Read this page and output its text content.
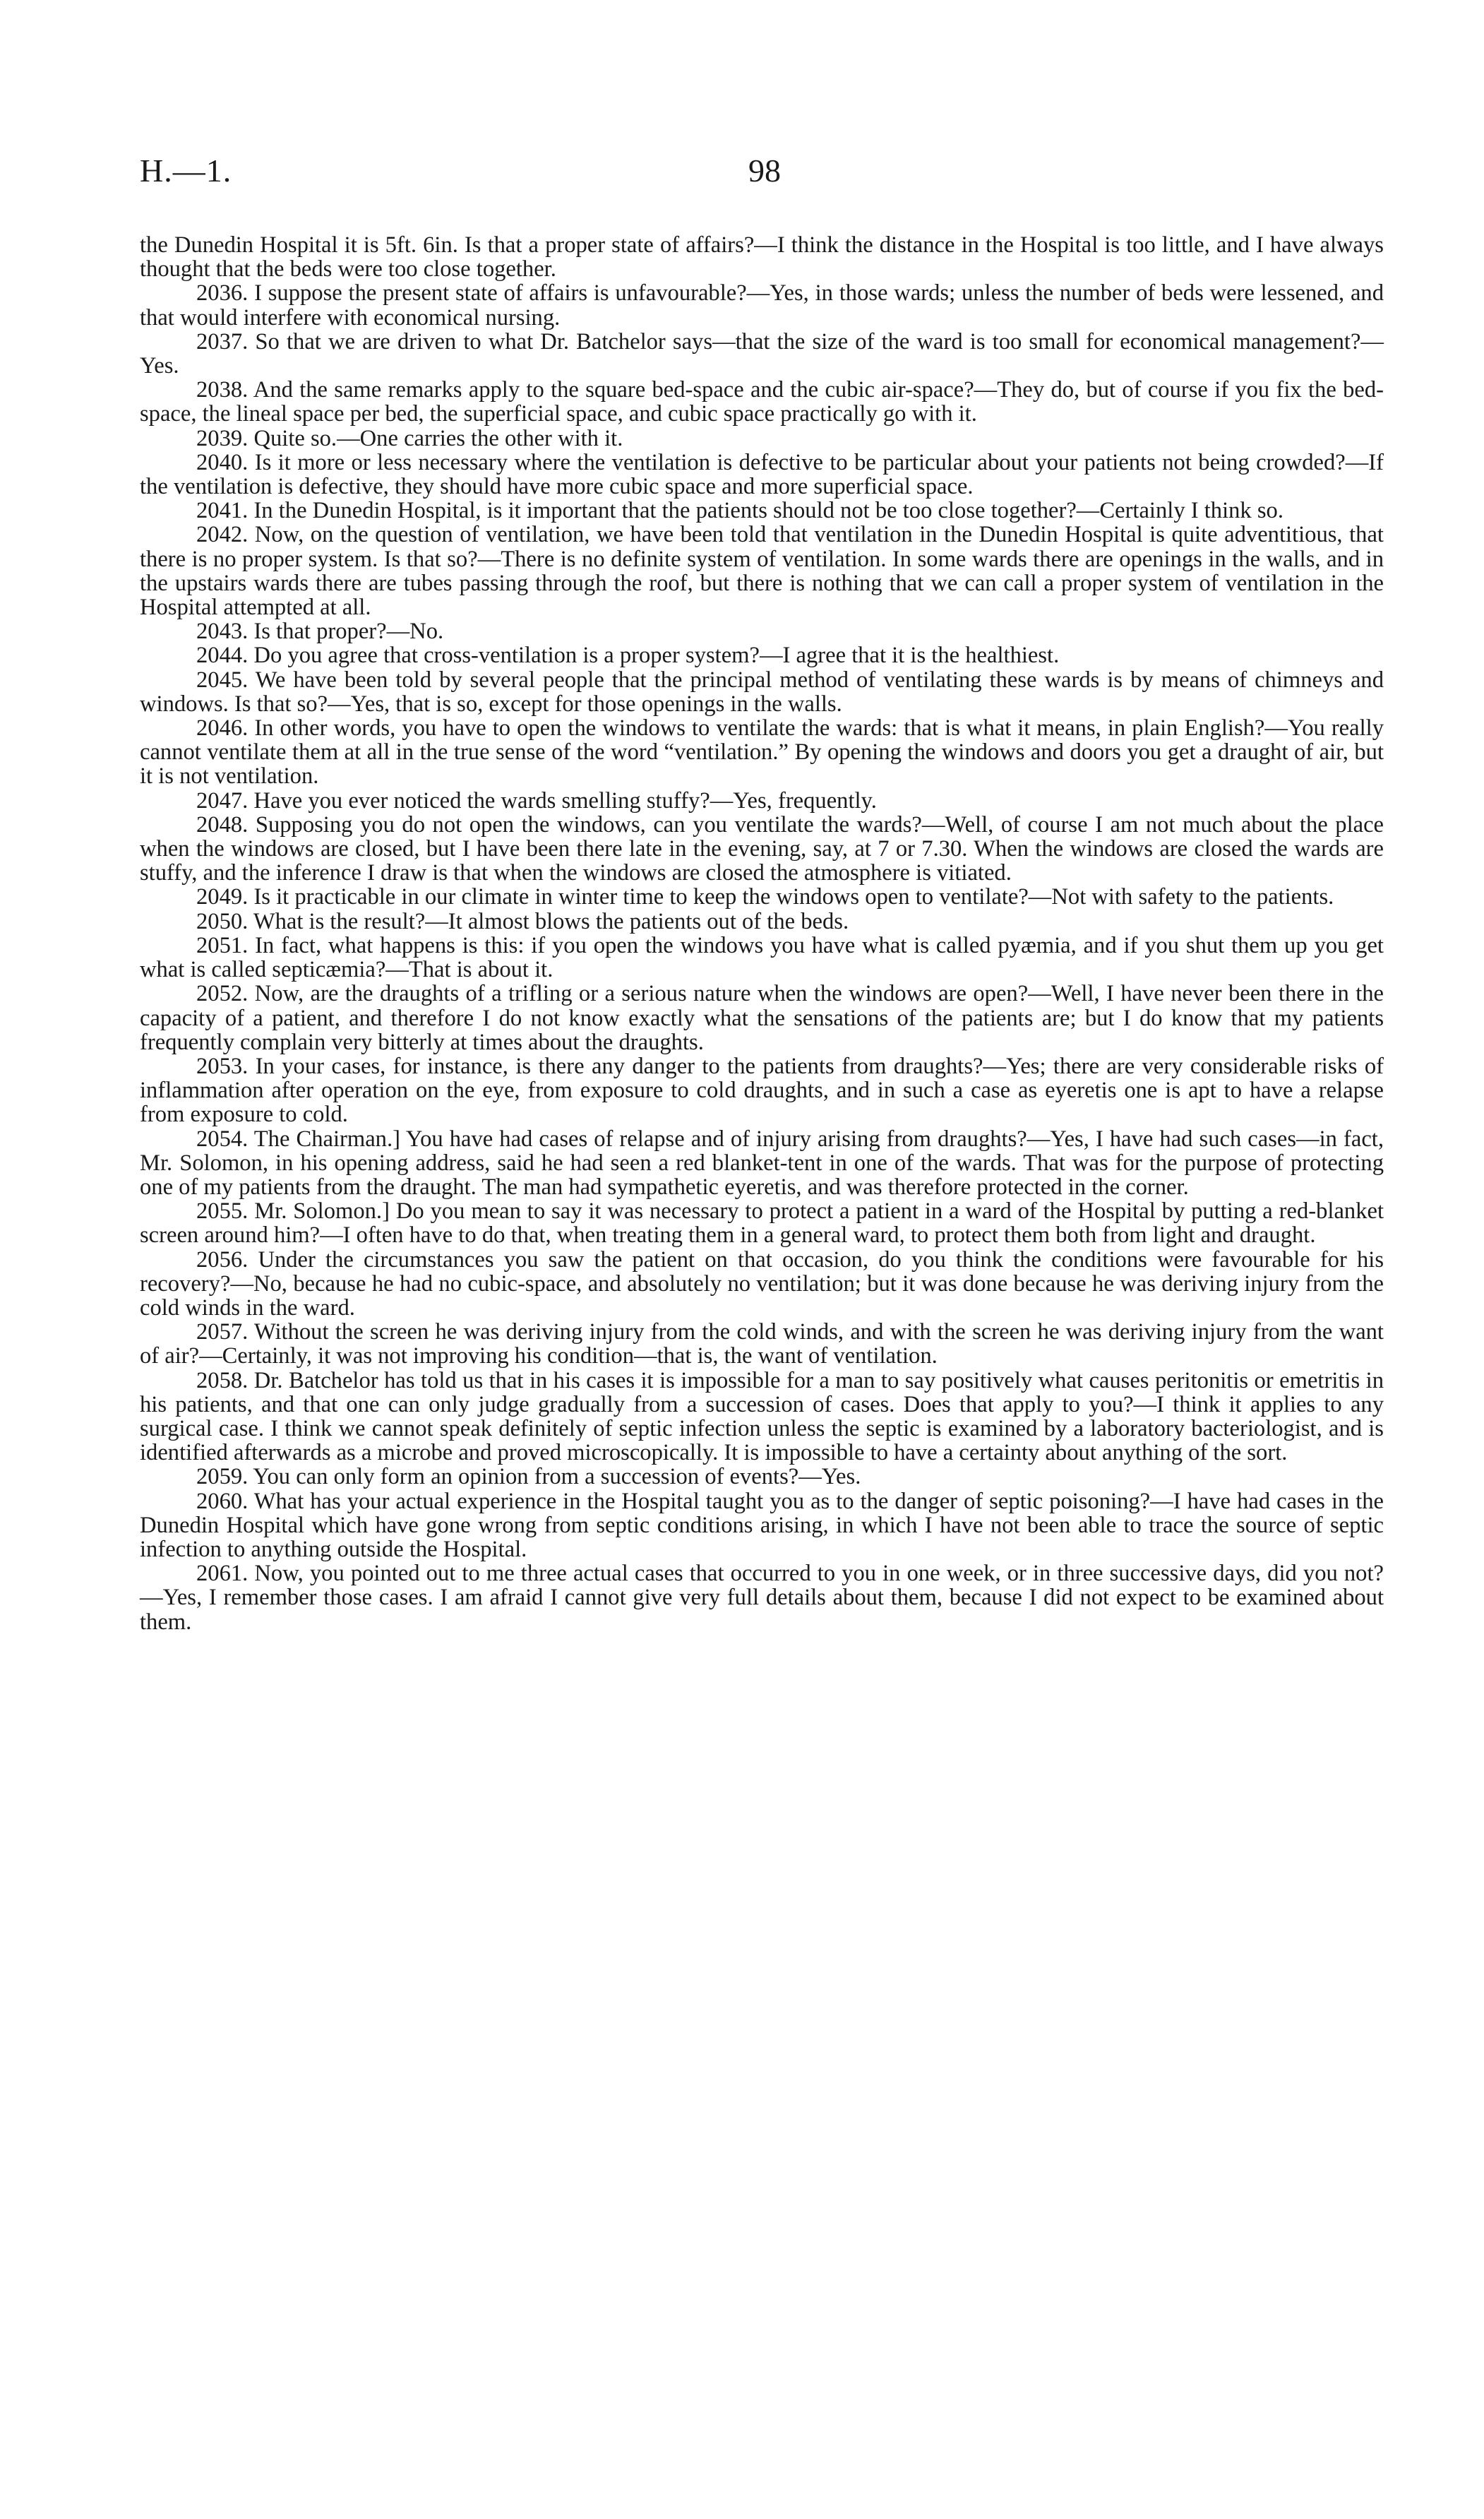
H.—1.	98

the Dunedin Hospital it is 5ft. 6in. Is that a proper state of affairs?—I think the distance in the Hospital is too little, and I have always thought that the beds were too close together.

2036. I suppose the present state of affairs is unfavourable?—Yes, in those wards; unless the number of beds were lessened, and that would interfere with economical nursing.

2037. So that we are driven to what Dr. Batchelor says—that the size of the ward is too small for economical management?—Yes.

2038. And the same remarks apply to the square bed-space and the cubic air-space?—They do, but of course if you fix the bed-space, the lineal space per bed, the superficial space, and cubic space practically go with it.

2039. Quite so.—One carries the other with it.

2040. Is it more or less necessary where the ventilation is defective to be particular about your patients not being crowded?—If the ventilation is defective, they should have more cubic space and more superficial space.

2041. In the Dunedin Hospital, is it important that the patients should not be too close together?—Certainly I think so.

2042. Now, on the question of ventilation, we have been told that ventilation in the Dunedin Hospital is quite adventitious, that there is no proper system. Is that so?—There is no definite system of ventilation. In some wards there are openings in the walls, and in the upstairs wards there are tubes passing through the roof, but there is nothing that we can call a proper system of ventilation in the Hospital attempted at all.

2043. Is that proper?—No.

2044. Do you agree that cross-ventilation is a proper system?—I agree that it is the healthiest.

2045. We have been told by several people that the principal method of ventilating these wards is by means of chimneys and windows. Is that so?—Yes, that is so, except for those openings in the walls.

2046. In other words, you have to open the windows to ventilate the wards: that is what it means, in plain English?—You really cannot ventilate them at all in the true sense of the word “ventilation.” By opening the windows and doors you get a draught of air, but it is not ventilation.

2047. Have you ever noticed the wards smelling stuffy?—Yes, frequently.

2048. Supposing you do not open the windows, can you ventilate the wards?—Well, of course I am not much about the place when the windows are closed, but I have been there late in the evening, say, at 7 or 7.30. When the windows are closed the wards are stuffy, and the inference I draw is that when the windows are closed the atmosphere is vitiated.

2049. Is it practicable in our climate in winter time to keep the windows open to ventilate?—Not with safety to the patients.

2050. What is the result?—It almost blows the patients out of the beds.

2051. In fact, what happens is this: if you open the windows you have what is called pyæmia, and if you shut them up you get what is called septicæmia?—That is about it.

2052. Now, are the draughts of a trifling or a serious nature when the windows are open?—Well, I have never been there in the capacity of a patient, and therefore I do not know exactly what the sensations of the patients are; but I do know that my patients frequently complain very bitterly at times about the draughts.

2053. In your cases, for instance, is there any danger to the patients from draughts?—Yes; there are very considerable risks of inflammation after operation on the eye, from exposure to cold draughts, and in such a case as eyeretis one is apt to have a relapse from exposure to cold.

2054. The Chairman.] You have had cases of relapse and of injury arising from draughts?—Yes, I have had such cases—in fact, Mr. Solomon, in his opening address, said he had seen a red blanket-tent in one of the wards. That was for the purpose of protecting one of my patients from the draught. The man had sympathetic eyeretis, and was therefore protected in the corner.

2055. Mr. Solomon.] Do you mean to say it was necessary to protect a patient in a ward of the Hospital by putting a red-blanket screen around him?—I often have to do that, when treating them in a general ward, to protect them both from light and draught.

2056. Under the circumstances you saw the patient on that occasion, do you think the conditions were favourable for his recovery?—No, because he had no cubic-space, and absolutely no ventilation; but it was done because he was deriving injury from the cold winds in the ward.

2057. Without the screen he was deriving injury from the cold winds, and with the screen he was deriving injury from the want of air?—Certainly, it was not improving his condition—that is, the want of ventilation.

2058. Dr. Batchelor has told us that in his cases it is impossible for a man to say positively what causes peritonitis or emetritis in his patients, and that one can only judge gradually from a succession of cases. Does that apply to you?—I think it applies to any surgical case. I think we cannot speak definitely of septic infection unless the septic is examined by a laboratory bacteriologist, and is identified afterwards as a microbe and proved microscopically. It is impossible to have a certainty about anything of the sort.

2059. You can only form an opinion from a succession of events?—Yes.

2060. What has your actual experience in the Hospital taught you as to the danger of septic poisoning?—I have had cases in the Dunedin Hospital which have gone wrong from septic conditions arising, in which I have not been able to trace the source of septic infection to anything outside the Hospital.

2061. Now, you pointed out to me three actual cases that occurred to you in one week, or in three successive days, did you not?—Yes, I remember those cases. I am afraid I cannot give very full details about them, because I did not expect to be examined about them.
